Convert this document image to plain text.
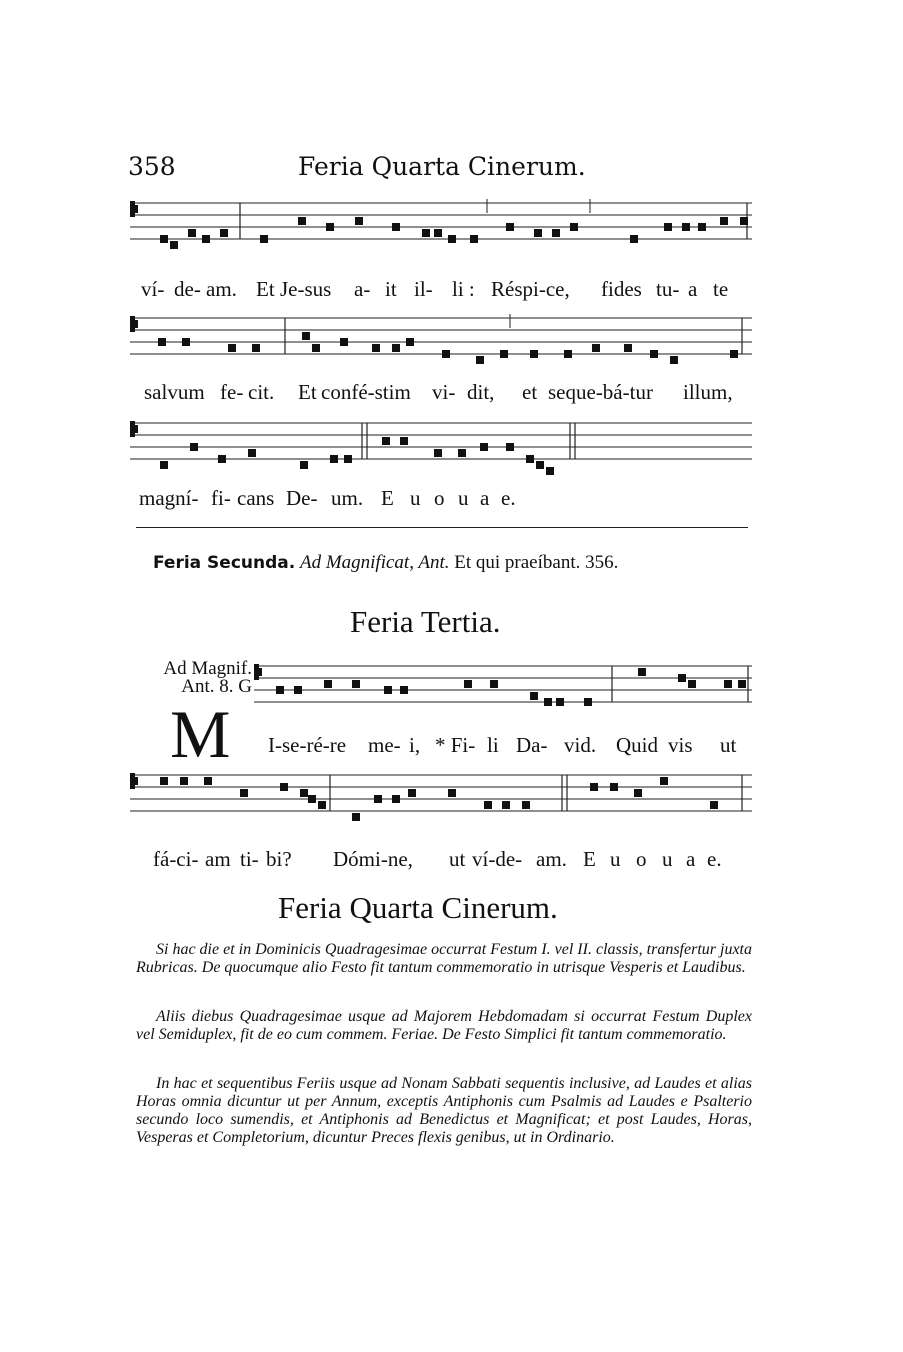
358	Feria Quarta Cinerum.
ví- de- am. Et Je-sus a- it il- li : Réspi-ce, fides tu- a te
salvum fe- cit. Et confé-stim vi- dit, et seque-bá-tur illum,
magní- fi- cans De- um. E u o u a e.
Feria Secunda. Ad Magnificat, Ant. Et qui praeíbant. 356.
Feria Tertia.
Ad Magnif.
Ant. 8. G
M I-se-ré-re me- i, * Fi- li Da- vid. Quid vis ut
fá-ci- am ti- bi? Dómi-ne, ut ví-de- am. E u o u a e.
Feria Quarta Cinerum.
Si hac die et in Dominicis Quadragesimae occurrat Festum I. vel II. classis, transfertur juxta Rubricas. De quocumque alio Festo fit tantum commemoratio in utrisque Vesperis et Laudibus.
Aliis diebus Quadragesimae usque ad Majorem Hebdomadam si occurrat Festum Duplex vel Semiduplex, fit de eo cum commem. Feriae. De Festo Simplici fit tantum commemoratio.
In hac et sequentibus Feriis usque ad Nonam Sabbati sequentis inclusive, ad Laudes et alias Horas omnia dicuntur ut per Annum, exceptis Antiphonis cum Psalmis ad Laudes e Psalterio secundo loco sumendis, et Antiphonis ad Benedictus et Magnificat; et post Laudes, Horas, Vesperas et Completorium, dicuntur Preces flexis genibus, ut in Ordinario.
